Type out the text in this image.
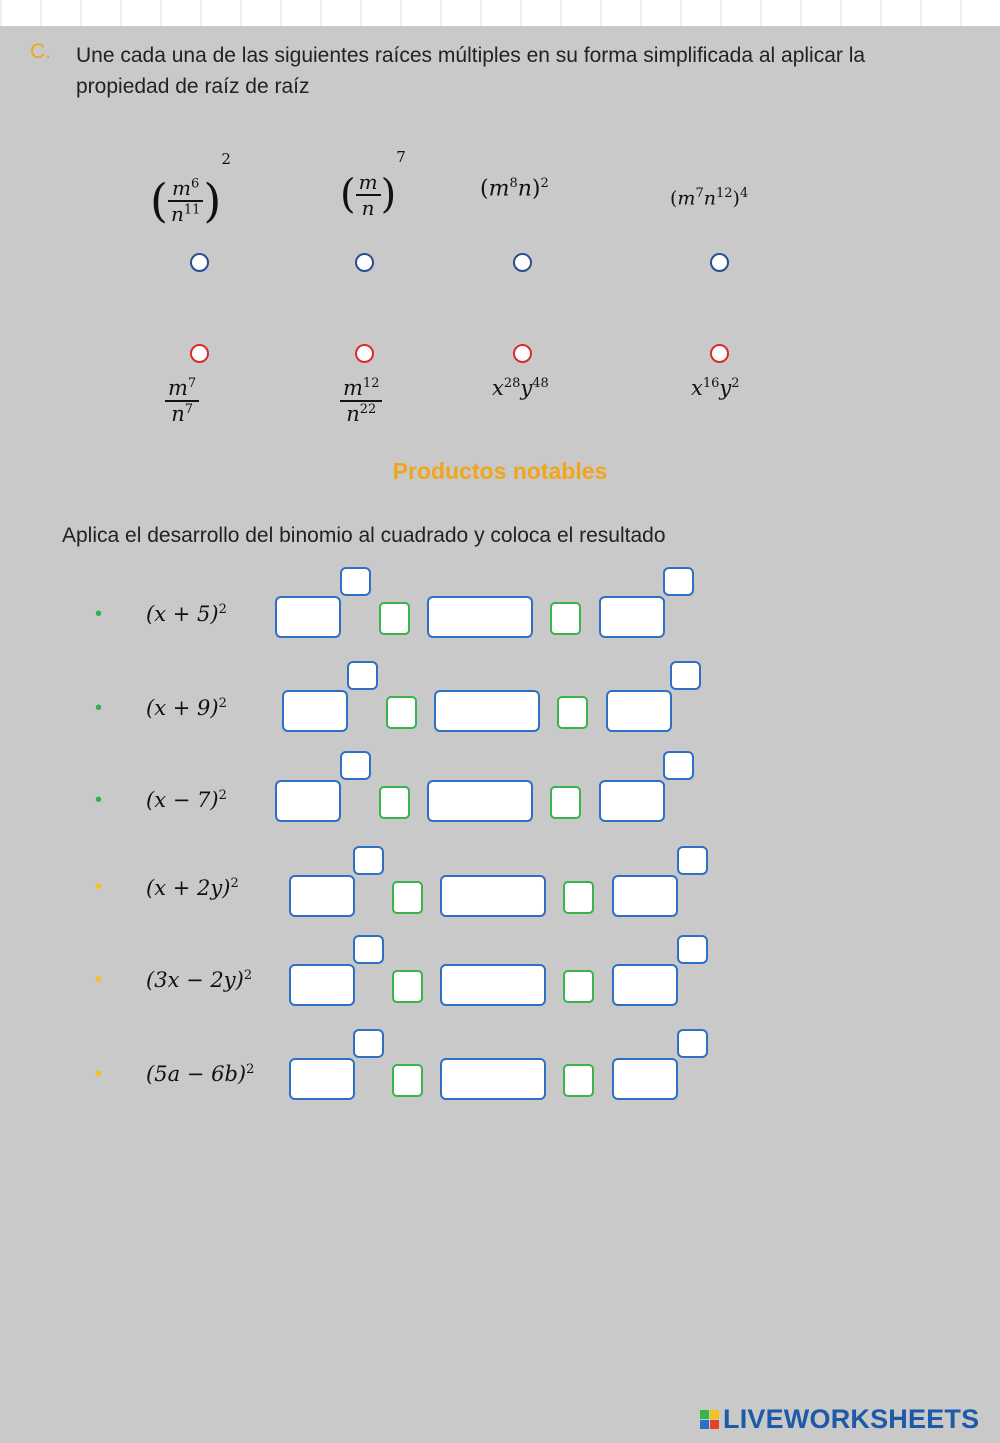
C. Une cada una de las siguientes raíces múltiples en su forma simplificada al aplicar la propiedad de raíz de raíz
( $\frac{m^6}{n^{11}} )^2$
( $\frac{m}{n} )^7$
$(m^8n)^2$
$(m^7n^{12})^4$
$\frac{m^7}{n^7}$	$\frac{m^{12}}{n^{22}}$	$x^{28}y^{48}$	$x^{16}y^2$
Productos notables
Aplica el desarrollo del binomio al cuadrado y coloca el resultado
• $(x + 5)^2$
• $(x + 9)^2$
• $(x - 7)^2$
• $(x + 2y)^2$
• $(3x - 2y)^2$
• $(5a - 6b)^2$
LIVEWORKSHEETS
